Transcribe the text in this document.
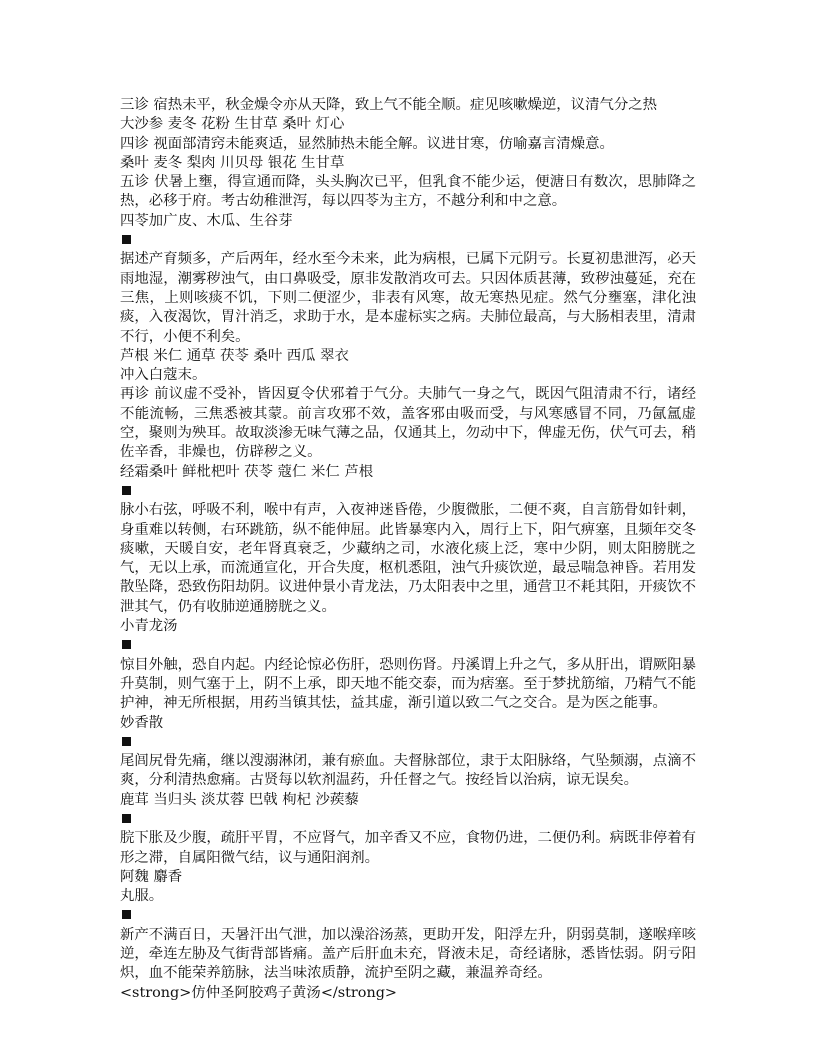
三诊 宿热未平，秋金燥令亦从天降，致上气不能全顺。症见咳嗽燥逆，议清气分之热
大沙参 麦冬 花粉 生甘草 桑叶 灯心
四诊 视面部清窍未能爽适，显然肺热未能全解。议进甘寒，仿喻嘉言清燥意。
桑叶 麦冬 梨肉 川贝母 银花 生甘草
五诊 伏暑上壅，得宣通而降，头头胸次已平，但乳食不能少运，便溏日有数次，思肺降之热，必移于府。考古幼稚泄泻，每以四苓为主方，不越分利和中之意。
四苓加广皮、木瓜、生谷芽
据述产育频多，产后两年，经水至今未来，此为病根，已属下元阴亏。长夏初患泄泻，必天雨地湿，潮雾秽浊气，由口鼻吸受，原非发散消攻可去。只因体质甚薄，致秽浊蔓延，充在三焦，上则咳痰不饥，下则二便涩少，非表有风寒，故无寒热见症。然气分壅塞，津化浊痰，入夜渴饮，胃汁消乏，求助于水，是本虚标实之病。夫肺位最高，与大肠相表里，清肃不行，小便不利矣。
芦根 米仁 通草 茯苓 桑叶 西瓜 翠衣
冲入白蔻末。
再诊 前议虚不受补，皆因夏令伏邪着于气分。夫肺气一身之气，既因气阻清肃不行，诸经不能流畅，三焦悉被其蒙。前言攻邪不效，盖客邪由吸而受，与风寒感冒不同，乃氤氲虚空，聚则为殃耳。故取淡渗无味气薄之品，仅通其上，勿动中下，俾虚无伤，伏气可去，稍佐辛香，非燥也，仿辟秽之义。
经霜桑叶 鲜枇杷叶 茯苓 蔻仁 米仁 芦根
脉小右弦，呼吸不利，喉中有声，入夜神迷昏倦，少腹微胀，二便不爽，自言筋骨如针刺，身重难以转侧，右环跳筋，纵不能伸屈。此皆暴寒内入，周行上下，阳气痹塞，且频年交冬痰嗽，天暖自安，老年肾真衰乏，少藏纳之司，水液化痰上泛，寒中少阴，则太阳膀胱之气，无以上承，而流通宣化，开合失度，枢机悉阻，浊气升痰饮逆，最忌喘急神昏。若用发散坠降，恐致伤阳劫阴。议进仲景小青龙法，乃太阳表中之里，通营卫不耗其阳，开痰饮不泄其气，仍有收肺逆通膀胱之义。
小青龙汤
惊目外触，恐自内起。内经论惊必伤肝，恐则伤肾。丹溪谓上升之气，多从肝出，谓厥阳暴升莫制，则气塞于上，阴不上承，即天地不能交泰，而为痞塞。至于梦扰筋缩，乃精气不能护神，神无所根据，用药当镇其怯，益其虚，渐引道以致二气之交合。是为医之能事。
妙香散
尾闾尻骨先痛，继以溲溺淋闭，兼有瘀血。夫督脉部位，隶于太阳脉络，气坠频溺，点滴不爽，分利清热愈痛。古贤每以软剂温药，升任督之气。按经旨以治病，谅无误矣。
鹿茸 当归头 淡苁蓉 巴戟 枸杞 沙蒺藜
脘下胀及少腹，疏肝平胃，不应肾气，加辛香又不应，食物仍进，二便仍利。病既非停着有形之滞，自属阳微气结，议与通阳润剂。
阿魏 麝香
丸服。
新产不满百日，天暑汗出气泄，加以澡浴汤蒸，更助开发，阳浮左升，阴弱莫制，遂喉痒咳逆，牵连左胁及气街背部皆痛。盖产后肝血未充，肾液未足，奇经诸脉，悉皆怯弱。阴亏阳炽，血不能荣养筋脉，法当味浓质静，流护至阴之藏，兼温养奇经。
<strong>仿仲圣阿胶鸡子黄汤</strong>
